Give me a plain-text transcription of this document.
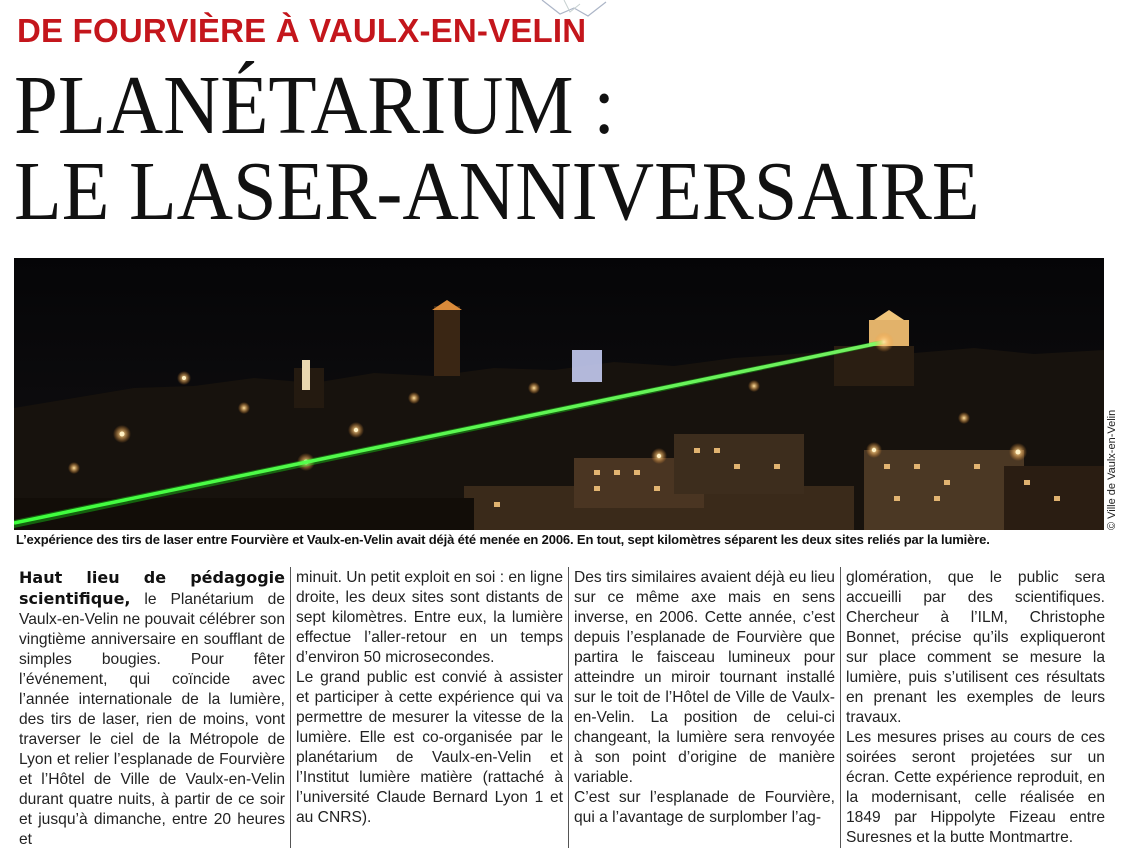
DE FOURVIÈRE À VAULX-EN-VELIN
PLANÉTARIUM :
LE LASER-ANNIVERSAIRE
© Ville de Vaulx-en-Velin
L’expérience des tirs de laser entre Fourvière et Vaulx-en-Velin avait déjà été menée en 2006. En tout, sept kilomètres séparent les deux sites reliés par la lumière.

Haut lieu de pédagogie scientifique, le Planétarium de Vaulx-en-Velin ne pouvait célébrer son vingtième anniversaire en soufflant de simples bougies. Pour fêter l’événement, qui coïncide avec l’année internationale de la lumière, des tirs de laser, rien de moins, vont traverser le ciel de la Métropole de Lyon et relier l’esplanade de Fourvière et l’Hôtel de Ville de Vaulx-en-Velin durant quatre nuits, à partir de ce soir et jusqu’à dimanche, entre 20 heures et

minuit. Un petit exploit en soi : en ligne droite, les deux sites sont distants de sept kilomètres. Entre eux, la lumière effectue l’aller-retour en un temps d’environ 50 microsecondes.

Le grand public est convié à assister et participer à cette expérience qui va permettre de mesurer la vitesse de la lumière. Elle est co-organisée par le planétarium de Vaulx-en-Velin et l’Institut lumière matière (rattaché à l’université Claude Bernard Lyon 1 et au CNRS).

Des tirs similaires avaient déjà eu lieu sur ce même axe mais en sens inverse, en 2006. Cette année, c’est depuis l’esplanade de Fourvière que partira le faisceau lumineux pour atteindre un miroir tournant installé sur le toit de l’Hôtel de Ville de Vaulx-en-Velin. La position de celui-ci changeant, la lumière sera renvoyée à son point d’origine de manière variable.

C’est sur l’esplanade de Fourvière, qui a l’avantage de surplomber l’ag-

glomération, que le public sera accueilli par des scientifiques. Chercheur à l’ILM, Christophe Bonnet, précise qu’ils expliqueront sur place comment se mesure la lumière, puis s’utilisent ces résultats en prenant les exemples de leurs travaux.

Les mesures prises au cours de ces soirées seront projetées sur un écran. Cette expérience reproduit, en la modernisant, celle réalisée en 1849 par Hippolyte Fizeau entre Suresnes et la butte Montmartre.
